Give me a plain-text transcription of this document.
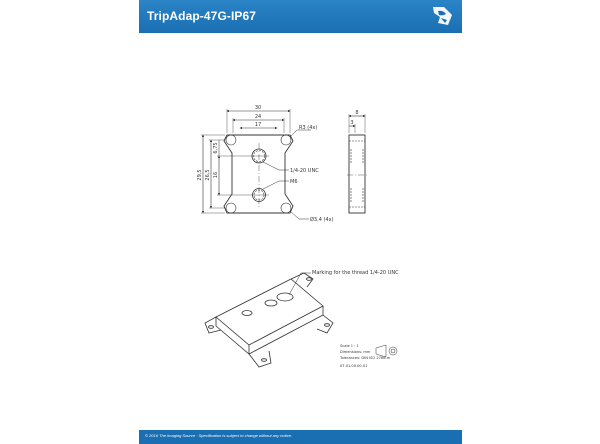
TripAdap-47G-IP67
30
24
17	R3 (4x)
29,5 26,5 16
6,75
1/4-20 UNC
M6
Ø3,4 (4x)
8
3
Marking for the thread 1/4-20 UNC
Scale 1 : 1
Dimensions: mm
Tolerances: DIN ISO 2768-m
07.01.00.00.01
© 2016 The Imaging Source · Specification is subject to change without any notice.
